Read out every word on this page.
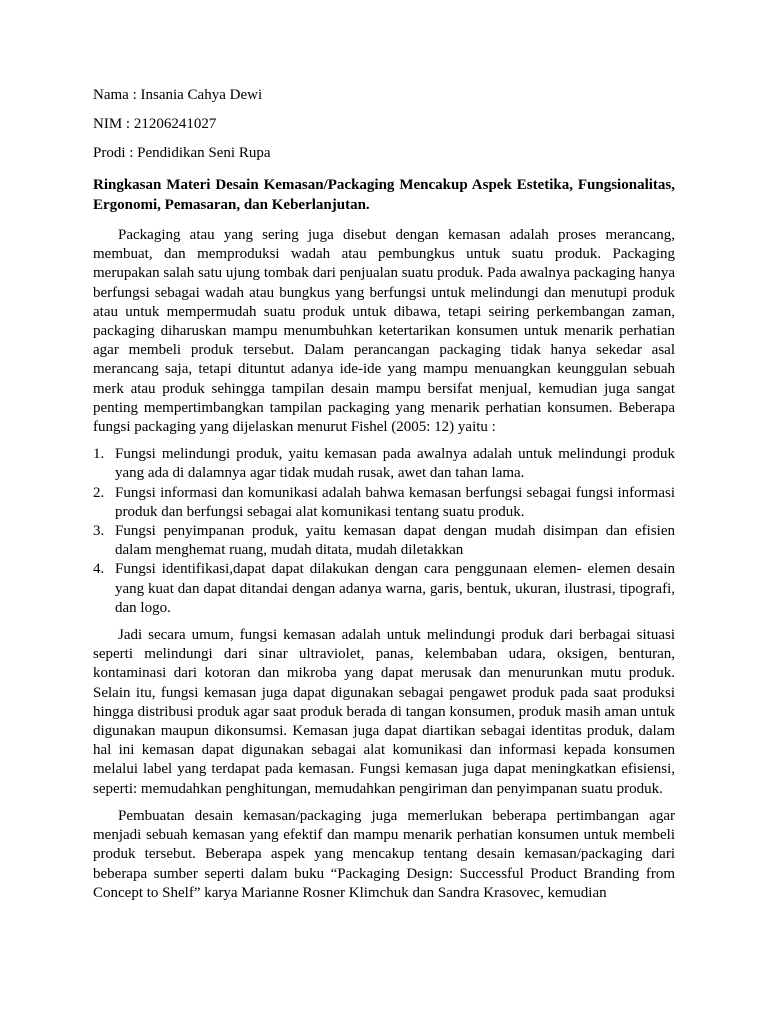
Nama : Insania Cahya Dewi

NIM : 21206241027

Prodi : Pendidikan Seni Rupa

Ringkasan Materi Desain Kemasan/Packaging Mencakup Aspek Estetika, Fungsionalitas, Ergonomi, Pemasaran, dan Keberlanjutan.

Packaging atau yang sering juga disebut dengan kemasan adalah proses merancang, membuat, dan memproduksi wadah atau pembungkus untuk suatu produk. Packaging merupakan salah satu ujung tombak dari penjualan suatu produk. Pada awalnya packaging hanya berfungsi sebagai wadah atau bungkus yang berfungsi untuk melindungi dan menutupi produk atau untuk mempermudah suatu produk untuk dibawa, tetapi seiring perkembangan zaman, packaging diharuskan mampu menumbuhkan ketertarikan konsumen untuk menarik perhatian agar membeli produk tersebut. Dalam perancangan packaging tidak hanya sekedar asal merancang saja, tetapi dituntut adanya ide-ide yang mampu menuangkan keunggulan sebuah merk atau produk sehingga tampilan desain mampu bersifat menjual, kemudian juga sangat penting mempertimbangkan tampilan packaging yang menarik perhatian konsumen. Beberapa fungsi packaging yang dijelaskan menurut Fishel (2005: 12) yaitu :

1. Fungsi melindungi produk, yaitu kemasan pada awalnya adalah untuk melindungi produk yang ada di dalamnya agar tidak mudah rusak, awet dan tahan lama.
2. Fungsi informasi dan komunikasi adalah bahwa kemasan berfungsi sebagai fungsi informasi produk dan berfungsi sebagai alat komunikasi tentang suatu produk.
3. Fungsi penyimpanan produk, yaitu kemasan dapat dengan mudah disimpan dan efisien dalam menghemat ruang, mudah ditata, mudah diletakkan
4. Fungsi identifikasi,dapat dapat dilakukan dengan cara penggunaan elemen- elemen desain yang kuat dan dapat ditandai dengan adanya warna, garis, bentuk, ukuran, ilustrasi, tipografi, dan logo.

Jadi secara umum, fungsi kemasan adalah untuk melindungi produk dari berbagai situasi seperti melindungi dari sinar ultraviolet, panas, kelembaban udara, oksigen, benturan, kontaminasi dari kotoran dan mikroba yang dapat merusak dan menurunkan mutu produk. Selain itu, fungsi kemasan juga dapat digunakan sebagai pengawet produk pada saat produksi hingga distribusi produk agar saat produk berada di tangan konsumen, produk masih aman untuk digunakan maupun dikonsumsi. Kemasan juga dapat diartikan sebagai identitas produk, dalam hal ini kemasan dapat digunakan sebagai alat komunikasi dan informasi kepada konsumen melalui label yang terdapat pada kemasan. Fungsi kemasan juga dapat meningkatkan efisiensi, seperti: memudahkan penghitungan, memudahkan pengiriman dan penyimpanan suatu produk.

Pembuatan desain kemasan/packaging juga memerlukan beberapa pertimbangan agar menjadi sebuah kemasan yang efektif dan mampu menarik perhatian konsumen untuk membeli produk tersebut. Beberapa aspek yang mencakup tentang desain kemasan/packaging dari beberapa sumber seperti dalam buku “Packaging Design: Successful Product Branding from Concept to Shelf” karya Marianne Rosner Klimchuk dan Sandra Krasovec, kemudian
